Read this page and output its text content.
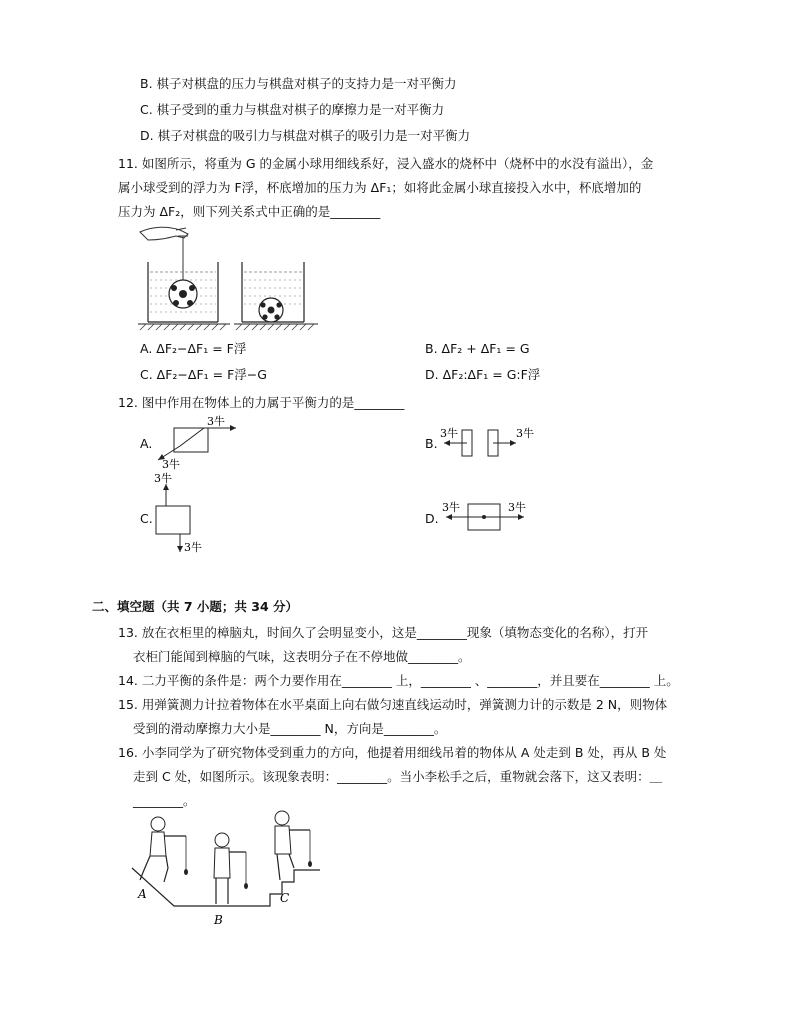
B. 棋子对棋盘的压力与棋盘对棋子的支持力是一对平衡力
C. 棋子受到的重力与棋盘对棋子的摩擦力是一对平衡力
D. 棋子对棋盘的吸引力与棋盘对棋子的吸引力是一对平衡力
11. 如图所示，将重为 G 的金属小球用细线系好，浸入盛水的烧杯中（烧杯中的水没有溢出），金
属小球受到的浮力为 F浮，杯底增加的压力为 ΔF₁；如将此金属小球直接投入水中，杯底增加的
压力为 ΔF₂，则下列关系式中正确的是________
A. ΔF₂−ΔF₁ = F浮	B. ΔF₂ + ΔF₁ = G
C. ΔF₂−ΔF₁ = F浮−G	D. ΔF₂:ΔF₁ = G:F浮
12. 图中作用在物体上的力属于平衡力的是________
A.
3牛
3牛
B.
3牛	3牛
C.
3牛
3牛
D.
3牛	3牛
二、填空题（共 7 小题；共 34 分）
13. 放在衣柜里的樟脑丸，时间久了会明显变小，这是________现象（填物态变化的名称），打开
衣柜门能闻到樟脑的气味，这表明分子在不停地做________。
14. 二力平衡的条件是：两个力要作用在________ 上，________ 、________，并且要在________ 上。
15. 用弹簧测力计拉着物体在水平桌面上向右做匀速直线运动时，弹簧测力计的示数是 2 N，则物体
受到的滑动摩擦力大小是________ N，方向是________。
16. 小李同学为了研究物体受到重力的方向，他提着用细线吊着的物体从 A 处走到 B 处，再从 B 处
走到 C 处，如图所示。该现象表明：________。当小李松手之后，重物就会落下，这又表明：＿
________。
A
B
C
